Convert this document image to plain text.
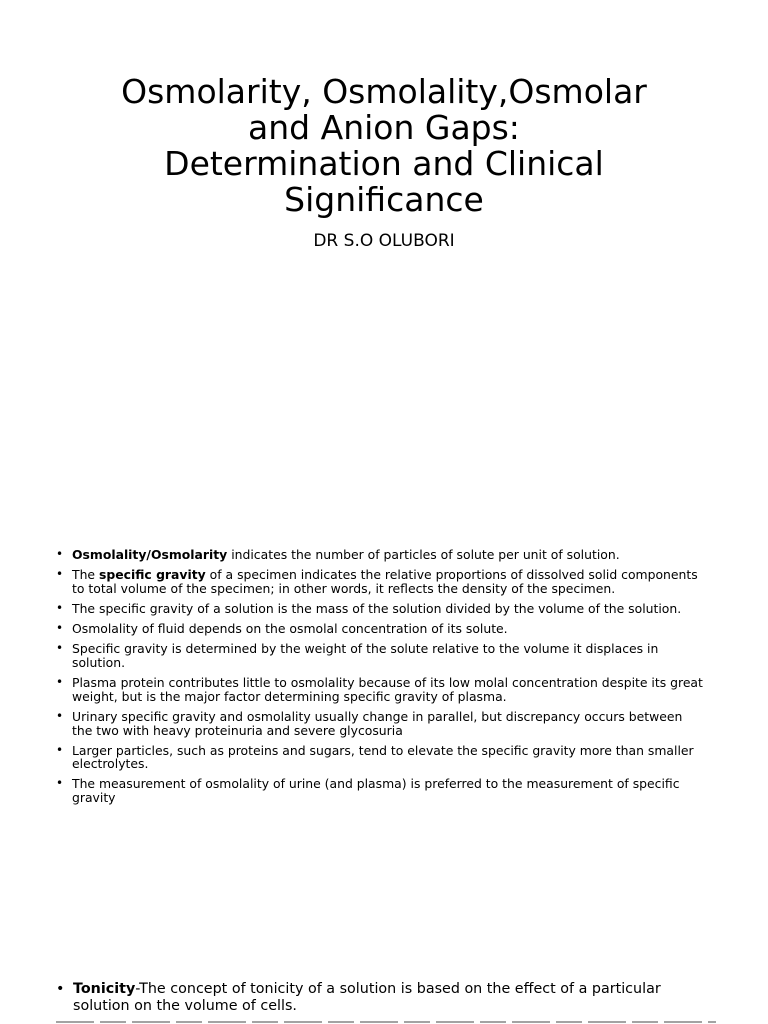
Osmolarity, Osmolality,Osmolar
and Anion Gaps:
Determination and Clinical
Significance
DR S.O OLUBORI
• Osmolality/Osmolarity indicates the number of particles of solute per unit of solution.
• The specific gravity of a specimen indicates the relative proportions of dissolved solid components to total volume of the specimen; in other words, it reflects the density of the specimen.
• The specific gravity of a solution is the mass of the solution divided by the volume of the solution.
• Osmolality of fluid depends on the osmolal concentration of its solute.
• Specific gravity is determined by the weight of the solute relative to the volume it displaces in solution.
• Plasma protein contributes little to osmolality because of its low molal concentration despite its great weight, but is the major factor determining specific gravity of plasma.
• Urinary specific gravity and osmolality usually change in parallel, but discrepancy occurs between the two with heavy proteinuria and severe glycosuria
• Larger particles, such as proteins and sugars, tend to elevate the specific gravity more than smaller electrolytes.
• The measurement of osmolality of urine (and plasma) is preferred to the measurement of specific gravity
• Tonicity-The concept of tonicity of a solution is based on the effect of a particular solution on the volume of cells.
